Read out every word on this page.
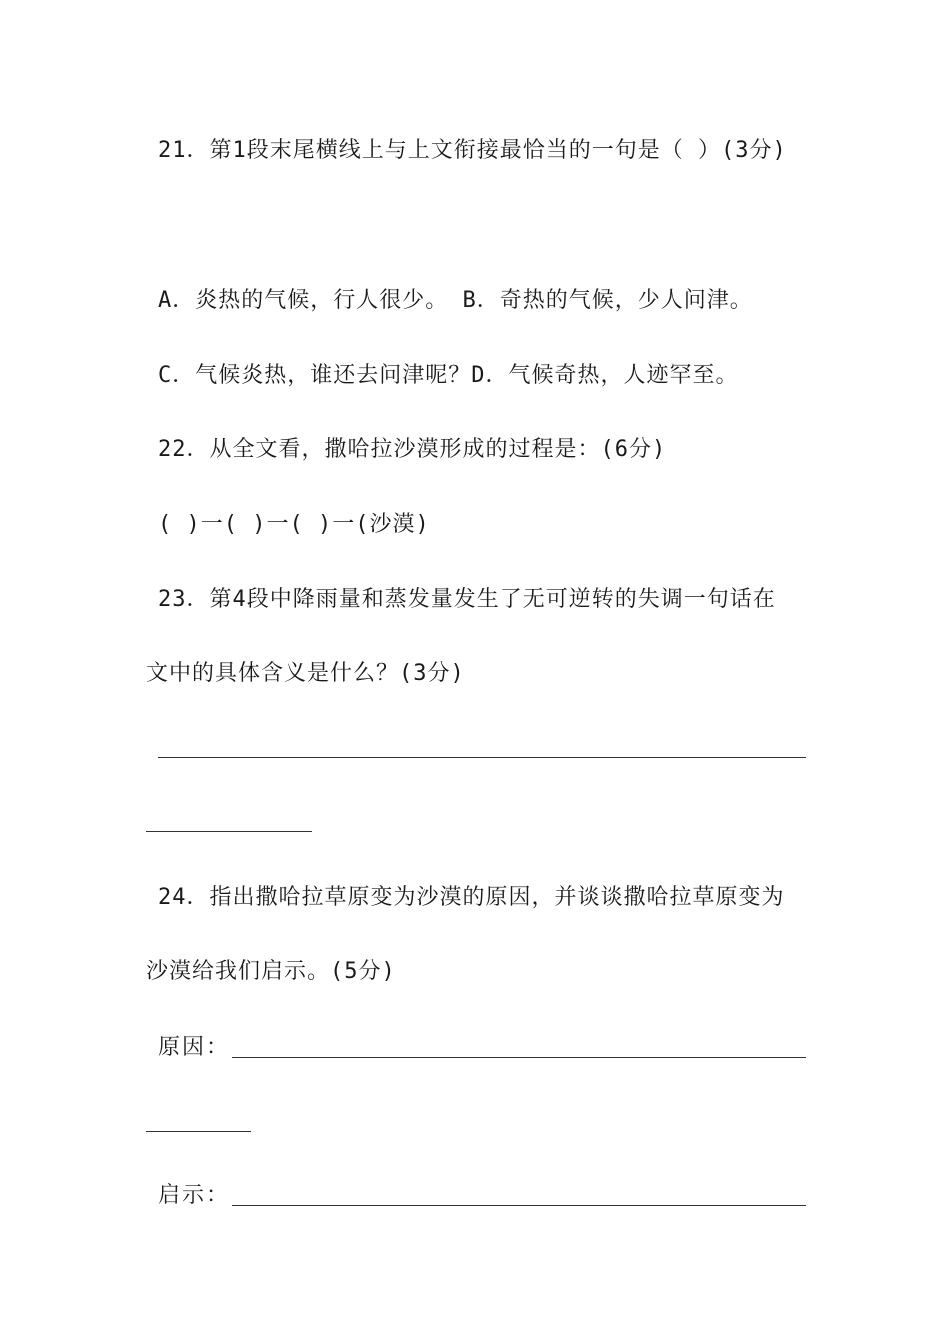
21．第1段末尾横线上与上文衔接最恰当的一句是（ ）(3分)
A．炎热的气候，行人很少。 B．奇热的气候，少人问津。
C．气候炎热，谁还去问津呢？D．气候奇热，人迹罕至。
22．从全文看，撒哈拉沙漠形成的过程是：(6分)
( )一( )一( )一(沙漠)
23．第4段中降雨量和蒸发量发生了无可逆转的失调一句话在
文中的具体含义是什么？(3分)
24．指出撒哈拉草原变为沙漠的原因，并谈谈撒哈拉草原变为
沙漠给我们启示。(5分)
原因：
启示：
